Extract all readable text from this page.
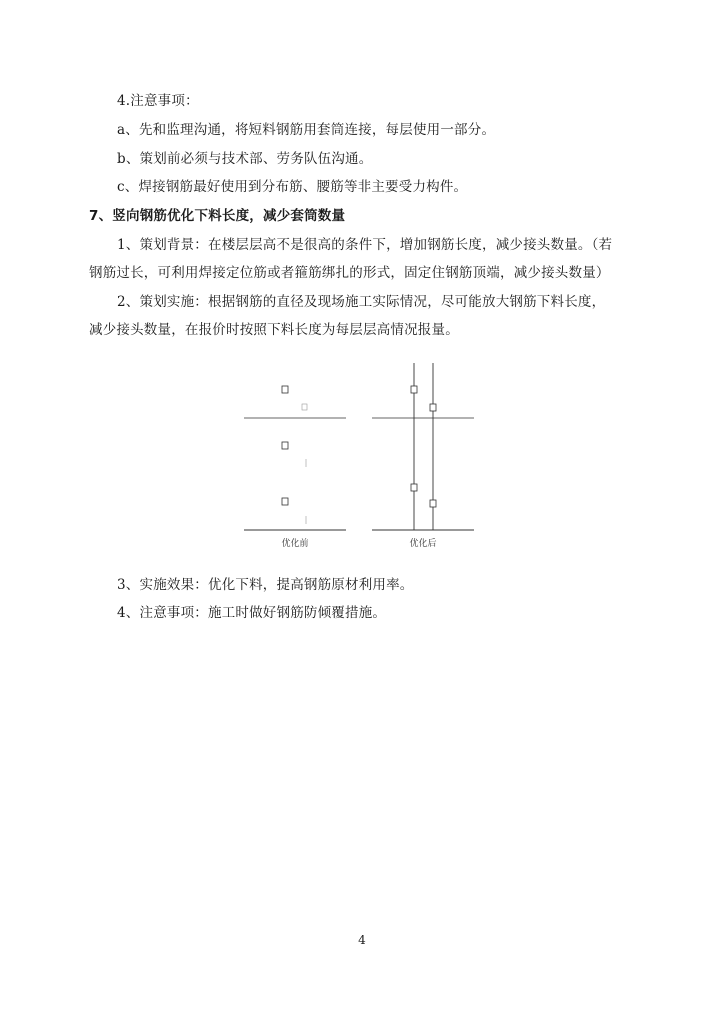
4.注意事项：
a、先和监理沟通，将短料钢筋用套筒连接，每层使用一部分。
b、策划前必须与技术部、劳务队伍沟通。
c、焊接钢筋最好使用到分布筋、腰筋等非主要受力构件。
7、竖向钢筋优化下料长度，减少套筒数量
1、策划背景：在楼层层高不是很高的条件下，增加钢筋长度，减少接头数量。（若
钢筋过长，可利用焊接定位筋或者箍筋绑扎的形式，固定住钢筋顶端，减少接头数量）
2、策划实施：根据钢筋的直径及现场施工实际情况，尽可能放大钢筋下料长度，
减少接头数量，在报价时按照下料长度为每层层高情况报量。
优化前	优化后
3、实施效果：优化下料，提高钢筋原材利用率。
4、注意事项：施工时做好钢筋防倾覆措施。
4
